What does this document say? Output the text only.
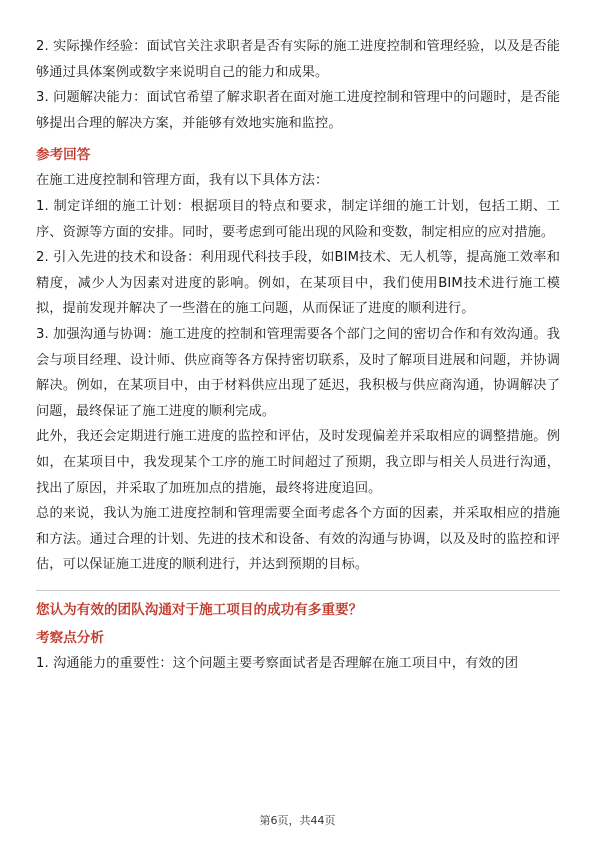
2. 实际操作经验：面试官关注求职者是否有实际的施工进度控制和管理经验，以及是否能够通过具体案例或数字来说明自己的能力和成果。

3. 问题解决能力：面试官希望了解求职者在面对施工进度控制和管理中的问题时，是否能够提出合理的解决方案，并能够有效地实施和监控。

参考回答

在施工进度控制和管理方面，我有以下具体方法：

1. 制定详细的施工计划：根据项目的特点和要求，制定详细的施工计划，包括工期、工序、资源等方面的安排。同时，要考虑到可能出现的风险和变数，制定相应的应对措施。

2. 引入先进的技术和设备：利用现代科技手段，如BIM技术、无人机等，提高施工效率和精度，减少人为因素对进度的影响。例如，在某项目中，我们使用BIM技术进行施工模拟，提前发现并解决了一些潜在的施工问题，从而保证了进度的顺利进行。

3. 加强沟通与协调：施工进度的控制和管理需要各个部门之间的密切合作和有效沟通。我会与项目经理、设计师、供应商等各方保持密切联系，及时了解项目进展和问题，并协调解决。例如，在某项目中，由于材料供应出现了延迟，我积极与供应商沟通，协调解决了问题，最终保证了施工进度的顺利完成。

此外，我还会定期进行施工进度的监控和评估，及时发现偏差并采取相应的调整措施。例如，在某项目中，我发现某个工序的施工时间超过了预期，我立即与相关人员进行沟通，找出了原因，并采取了加班加点的措施，最终将进度追回。

总的来说，我认为施工进度控制和管理需要全面考虑各个方面的因素，并采取相应的措施和方法。通过合理的计划、先进的技术和设备、有效的沟通与协调，以及及时的监控和评估，可以保证施工进度的顺利进行，并达到预期的目标。

您认为有效的团队沟通对于施工项目的成功有多重要？

考察点分析

1. 沟通能力的重要性：这个问题主要考察面试者是否理解在施工项目中，有效的团

第6页，共44页
